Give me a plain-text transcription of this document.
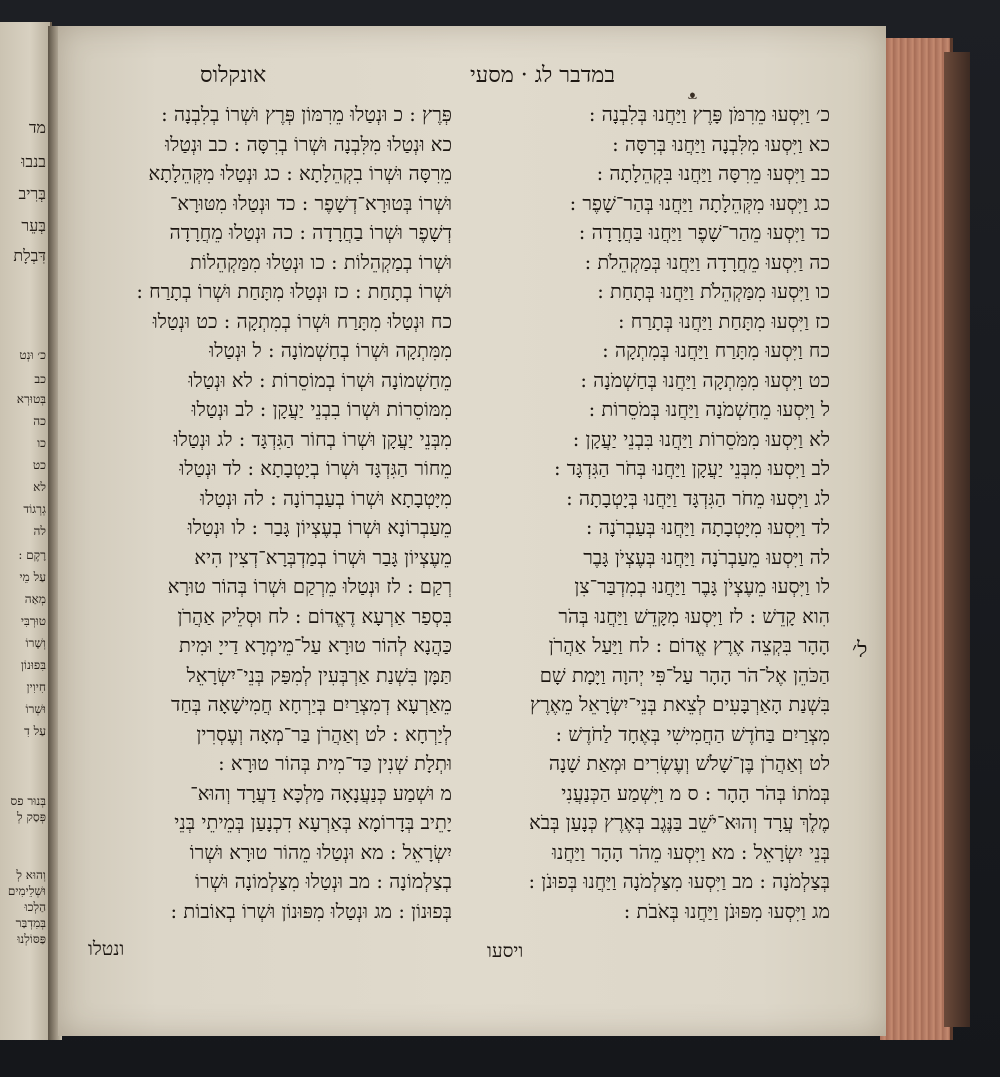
מד
בנבוּ
בְּרִיב
בְּעֵר
דִּבְלָת
כ׳ וּנְט
כב
בְּטוּרְא
כה
כו
כט
לא
גְרְגוֹד
לה
רָקֶם :
עַל מֵי
מְאַה
טוּרְבִּי
וְשָׁרוֹ
בִּפוּנוֹן
חִיוִין
וּשְׁרוֹ
עַל דִ
בְּנוּר פס
פְּסַק לְ
וְהוּא לְ
וּשְׁלֵימִים
הַלְכוּ
בְּמִדְבַּר
פַּסּוֹלְנוּ
במדבר לג · מסעי
אונקלוס
ᴥ
כ׳ וַיִּסְעוּ מֵרִמֹּן פָּרֶץ וַיַּחֲנוּ בְּלִבְנָה :
כא וַיִּסְעוּ מִלִּבְנָה וַיַּחֲנוּ בְּרִסָּה :
כב וַיִּסְעוּ מֵרִסָּה וַיַּחֲנוּ בִּקְהֵלָתָה :
כג וַיִּסְעוּ מִקְּהֵלָתָה וַיַּחֲנוּ בְּהַר־שָׁפֶר :
כד וַיִּסְעוּ מֵהַר־שָׁפֶר וַיַּחֲנוּ בַּחֲרָדָה :
כה וַיִּסְעוּ מֵחֲרָדָה וַיַּחֲנוּ בְּמַקְהֵלֹת :
כו וַיִּסְעוּ מִמַּקְהֵלֹת וַיַּחֲנוּ בְּתָחַת :
כז וַיִּסְעוּ מִתָּחַת וַיַּחֲנוּ בְּתָרַח :
כח וַיִּסְעוּ מִתָּרַח וַיַּחֲנוּ בְּמִתְקָה :
כט וַיִּסְעוּ מִמִּתְקָה וַיַּחֲנוּ בְּחַשְׁמֹנָה :
ל וַיִּסְעוּ מֵחַשְׁמֹנָה וַיַּחֲנוּ בְּמֹסֵרוֹת :
לא וַיִּסְעוּ מִמֹּסֵרוֹת וַיַּחֲנוּ בִּבְנֵי יַעֲקָן :
לב וַיִּסְעוּ מִבְּנֵי יַעֲקָן וַיַּחֲנוּ בְּחֹר הַגִּדְגָּד :
לג וַיִּסְעוּ מֵחֹר הַגִּדְגָּד וַיַּחֲנוּ בְּיָטְבָתָה :
לד וַיִּסְעוּ מִיָּטְבָתָה וַיַּחֲנוּ בְּעַבְרֹנָה :
לה וַיִּסְעוּ מֵעַבְרֹנָה וַיַּחֲנוּ בְּעֶצְיֹן גָּבֶר
לו וַיִּסְעוּ מֵעֶצְיֹן גָּבֶר וַיַּחֲנוּ בְמִדְבַּר־צִן
הִוא קָדֵשׁ : לז וַיִּסְעוּ מִקָּדֵשׁ וַיַּחֲנוּ בְּהֹר
הָהָר בִּקְצֵה אֶרֶץ אֱדוֹם : לח וַיַּעַל אַהֲרֹן
הַכֹּהֵן אֶל־הֹר הָהָר עַל־פִּי יְהוָה וַיָּמָת שָׁם
בִּשְׁנַת הָאַרְבָּעִים לְצֵאת בְּנֵי־יִשְׂרָאֵל מֵאֶרֶץ
מִצְרַיִם בַּחֹדֶשׁ הַחֲמִישִׁי בְּאֶחָד לַחֹדֶשׁ :
לט וְאַהֲרֹן בֶּן־שָׁלֹשׁ וְעֶשְׂרִים וּמְאַת שָׁנָה
בְּמֹתוֹ בְּהֹר הָהָר : ס מ וַיִּשְׁמַע הַכְּנַעֲנִי
מֶלֶךְ עֲרָד וְהוּא־יֹשֵׁב בַּנֶּגֶב בְּאֶרֶץ כְּנָעַן בְּבֹא
בְּנֵי יִשְׂרָאֵל : מא וַיִּסְעוּ מֵהֹר הָהָר וַיַּחֲנוּ
בְּצַלְמֹנָה : מב וַיִּסְעוּ מִצַּלְמֹנָה וַיַּחֲנוּ בְּפוּנֹן :
מג וַיִּסְעוּ מִפּוּנֹן וַיַּחֲנוּ בְּאֹבֹת :
פְּרֶץ : כ וּנְטַלוּ מֵרִמּוֹן פְּרֶץ וּשְׁרוֹ בְלִבְנָה :
כא וּנְטַלוּ מִלִּבְנָה וּשְׁרוֹ בְרִסָּה : כב וּנְטַלוּ
מֵרִסָּה וּשְׁרוֹ בִקְהֵלָתָא : כג וּנְטַלוּ מִקְּהֵלָתָא
וּשְׁרוֹ בְּטוּרָא־דְשָׁפֶר : כד וּנְטַלוּ מִטּוּרָא־
דְשָׁפֶר וּשְׁרוֹ בַחֲרָדָה : כה וּנְטַלוּ מֵחֲרָדָה
וּשְׁרוֹ בְמַקְהֵלוֹת : כו וּנְטַלוּ מִמַּקְהֵלוֹת
וּשְׁרוֹ בְתָחַת : כז וּנְטַלוּ מִתָּחַת וּשְׁרוֹ בְתָרַח :
כח וּנְטַלוּ מִתָּרַח וּשְׁרוֹ בְמִתְקָה : כט וּנְטַלוּ
מִמִּתְקָה וּשְׁרוֹ בְחַשְׁמוֹנָה : ל וּנְטַלוּ
מֵחַשְׁמוֹנָה וּשְׁרוֹ בְמוֹסֵרוֹת : לא וּנְטַלוּ
מִמּוֹסֵרוֹת וּשְׁרוֹ בִבְנֵי יַעֲקָן : לב וּנְטַלוּ
מִבְּנֵי יַעֲקָן וּשְׁרוֹ בְחוֹר הַגִּדְגָּד : לג וּנְטַלוּ
מֵחוֹר הַגִּדְגָּד וּשְׁרוֹ בְיָטְבָתָא : לד וּנְטַלוּ
מִיָּטְבָתָא וּשְׁרוֹ בְעַבְרוֹנָה : לה וּנְטַלוּ
מֵעַבְרוֹנָא וּשְׁרוֹ בְעֶצְיוֹן גָּבַר : לו וּנְטַלוּ
מֵעֶצְיוֹן גָּבַר וּשְׁרוֹ בְמַדְבְּרָא־דְצִין הִיא
רְקַם : לז וּנְטַלוּ מֵרְקַם וּשְׁרוֹ בְּהוֹר טוּרָא
בִּסְפַר אַרְעָא דֶאֱדוֹם : לח וּסְלֵיק אַהֲרֹן
כַּהֲנָא לְהוֹר טוּרָא עַל־מֵימְרָא דַייָ וּמִית
תַּמָּן בִּשְׁנַת אַרְבְּעִין לְמִפַּק בְּנֵי־יִשְׂרָאֵל
מֵאַרְעָא דְמִצְרַיִם בְּיַרְחָא חֲמִישָׁאָה בְּחַד
לְיַרְחָא : לט וְאַהֲרֹן בַּר־מְאָה וְעֶסְרִין
וּתְלָת שְׁנִין כַּד־מִית בְּהוֹר טוּרָא :
מ וּשְׁמַע כְּנַעֲנָאָה מַלְכָּא דַעֲרָד וְהוּא־
יָתֵיב בְּדָרוֹמָא בְּאַרְעָא דִכְנָעַן בְּמֵיתֵי בְּנֵי
יִשְׂרָאֵל : מא וּנְטַלוּ מֵהוֹר טוּרָא וּשְׁרוֹ
בְצַלְמוֹנָה : מב וּנְטַלוּ מִצַּלְמוֹנָה וּשְׁרוֹ
בְּפוּנוֹן : מג וּנְטַלוּ מִפּוּנוֹן וּשְׁרוֹ בְאוֹבוֹת :
ויסעו
ונטלו
ל׳
